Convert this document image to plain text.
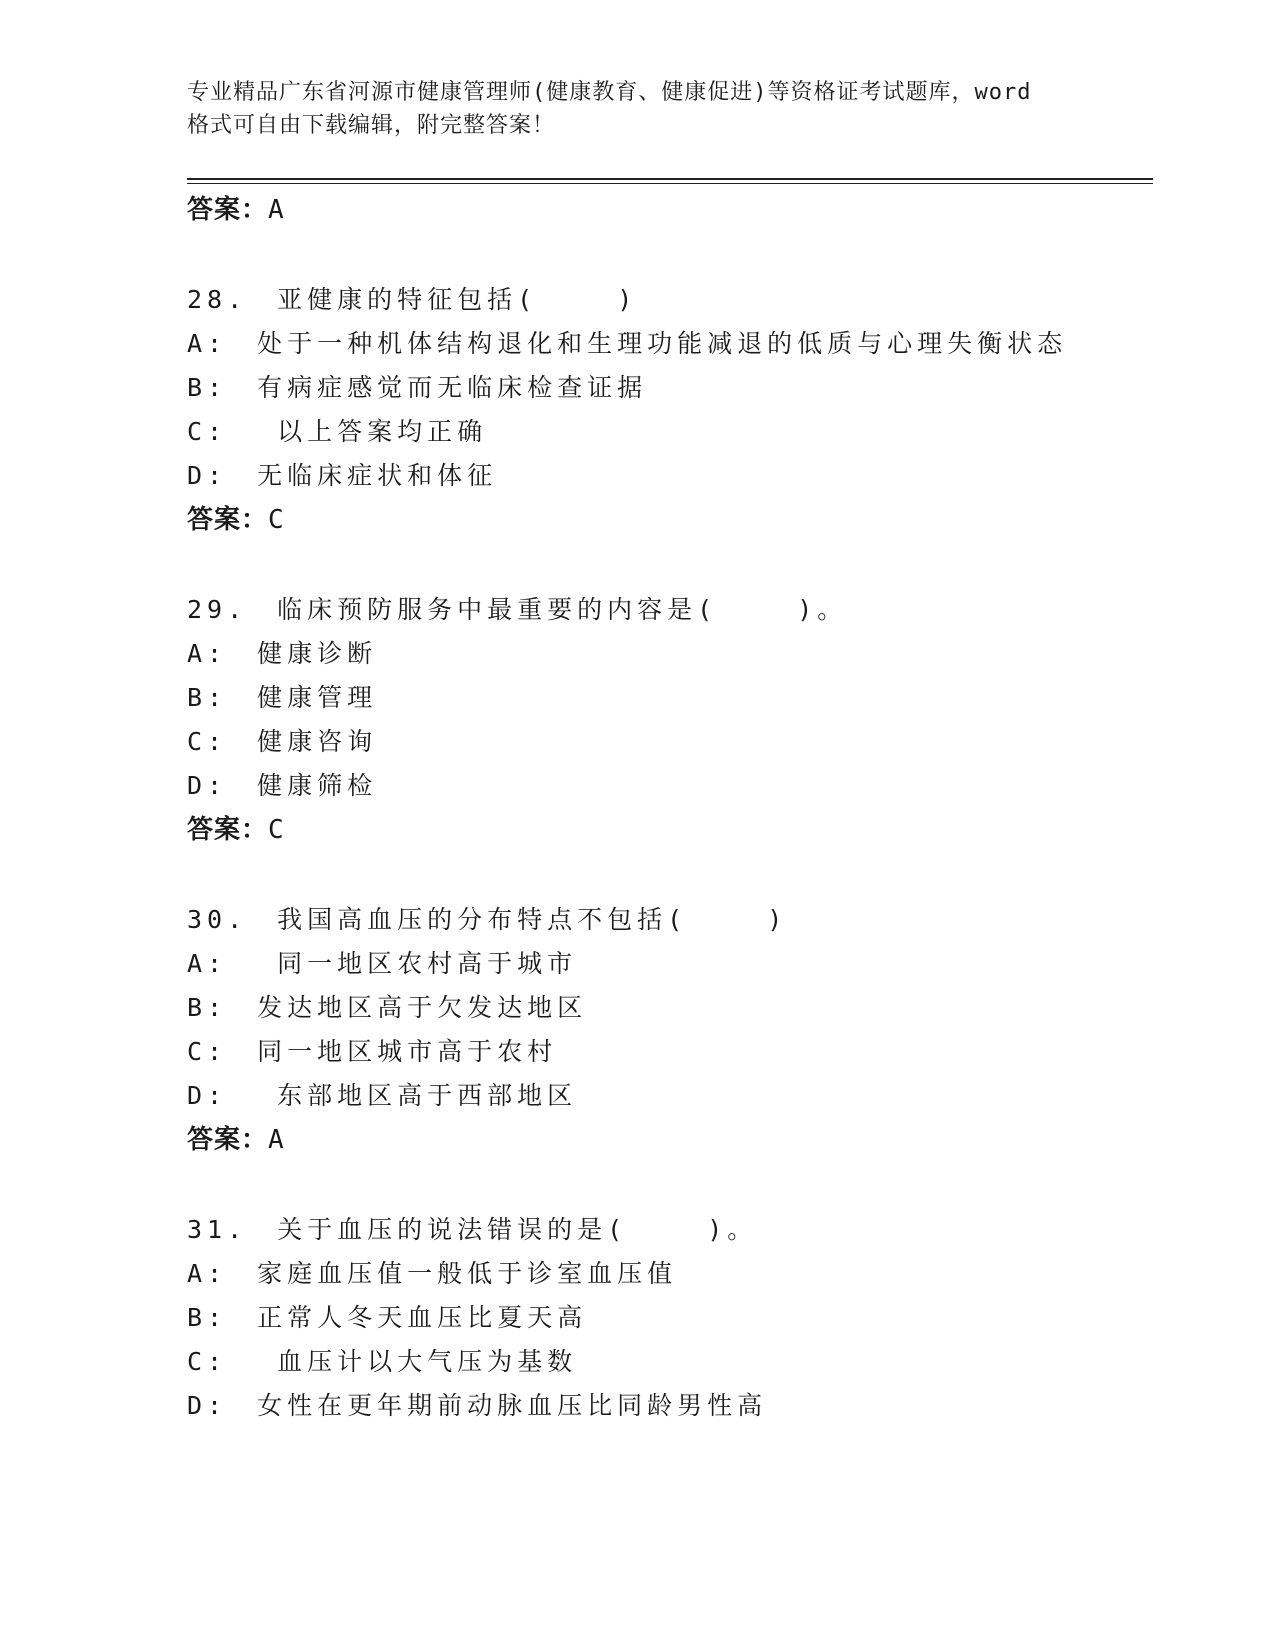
专业精品广东省河源市健康管理师(健康教育、健康促进)等资格证考试题库，word
格式可自由下载编辑，附完整答案！
答案：A
28.　亚健康的特征包括(　　 )
A:　处于一种机体结构退化和生理功能减退的低质与心理失衡状态
B:　有病症感觉而无临床检查证据
C:　 以上答案均正确
D:　无临床症状和体征
答案：C
29.　临床预防服务中最重要的内容是(　　 )。
A:　健康诊断
B:　健康管理
C:　健康咨询
D:　健康筛检
答案：C
30.　我国高血压的分布特点不包括(　　 )
A:　 同一地区农村高于城市
B:　发达地区高于欠发达地区
C:　同一地区城市高于农村
D:　 东部地区高于西部地区
答案：A
31.　关于血压的说法错误的是(　　 )。
A:　家庭血压值一般低于诊室血压值
B:　正常人冬天血压比夏天高
C:　 血压计以大气压为基数
D:　女性在更年期前动脉血压比同龄男性高
